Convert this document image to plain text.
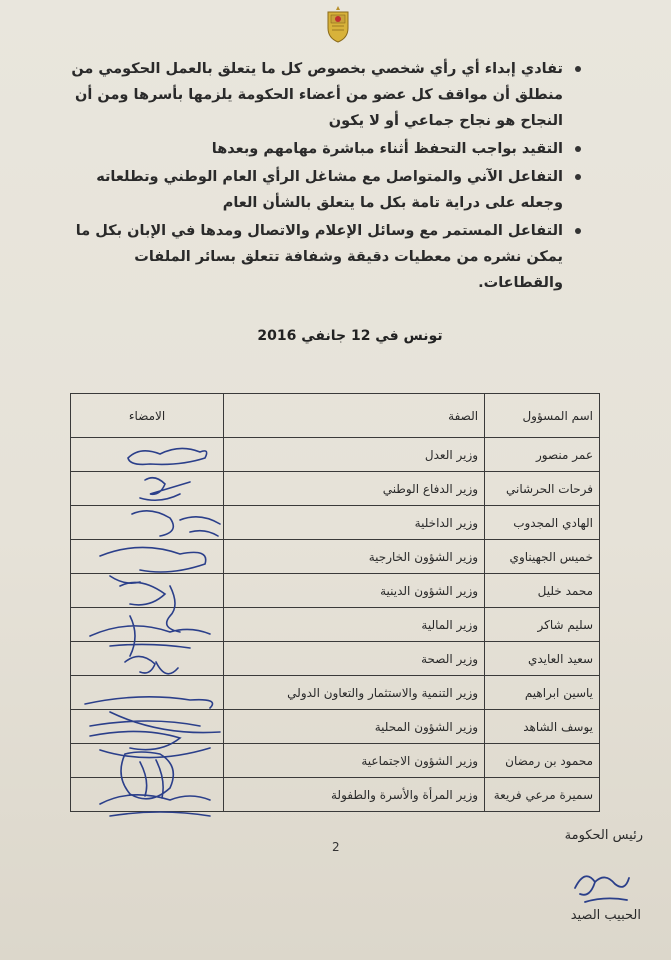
تفادي إبداء أي رأي شخصي بخصوص كل ما يتعلق بالعمل الحكومي من منطلق أن مواقف كل عضو من أعضاء الحكومة يلزمها بأسرها ومن أن النجاح هو نجاح جماعي أو لا يكون
التقيد بواجب التحفظ أثناء مباشرة مهامهم وبعدها
التفاعل الآني والمتواصل مع مشاغل الرأي العام الوطني وتطلعاته وجعله على دراية تامة بكل ما يتعلق بالشأن العام
التفاعل المستمر مع وسائل الإعلام والاتصال ومدها في الإبان بكل ما يمكن نشره من معطيات دقيقة وشفافة تتعلق بسائر الملفات والقطاعات.
تونس في 12 جانفي 2016
اسم المسؤول	الصفة	الامضاء
عمر منصور	وزير العدل	
فرحات الحرشاني	وزير الدفاع الوطني	
الهادي المجدوب	وزير الداخلية	
خميس الجهيناوي	وزير الشؤون الخارجية	
محمد خليل	وزير الشؤون الدينية	
سليم شاكر	وزير المالية	
سعيد العايدي	وزير الصحة	
ياسين ابراهيم	وزير التنمية والاستثمار والتعاون الدولي	
يوسف الشاهد	وزير الشؤون المحلية	
محمود بن رمضان	وزير الشؤون الاجتماعية	
سميرة مرعي فريعة	وزير المرأة والأسرة والطفولة	
2
رئيس الحكومة
الحبيب الصيد
